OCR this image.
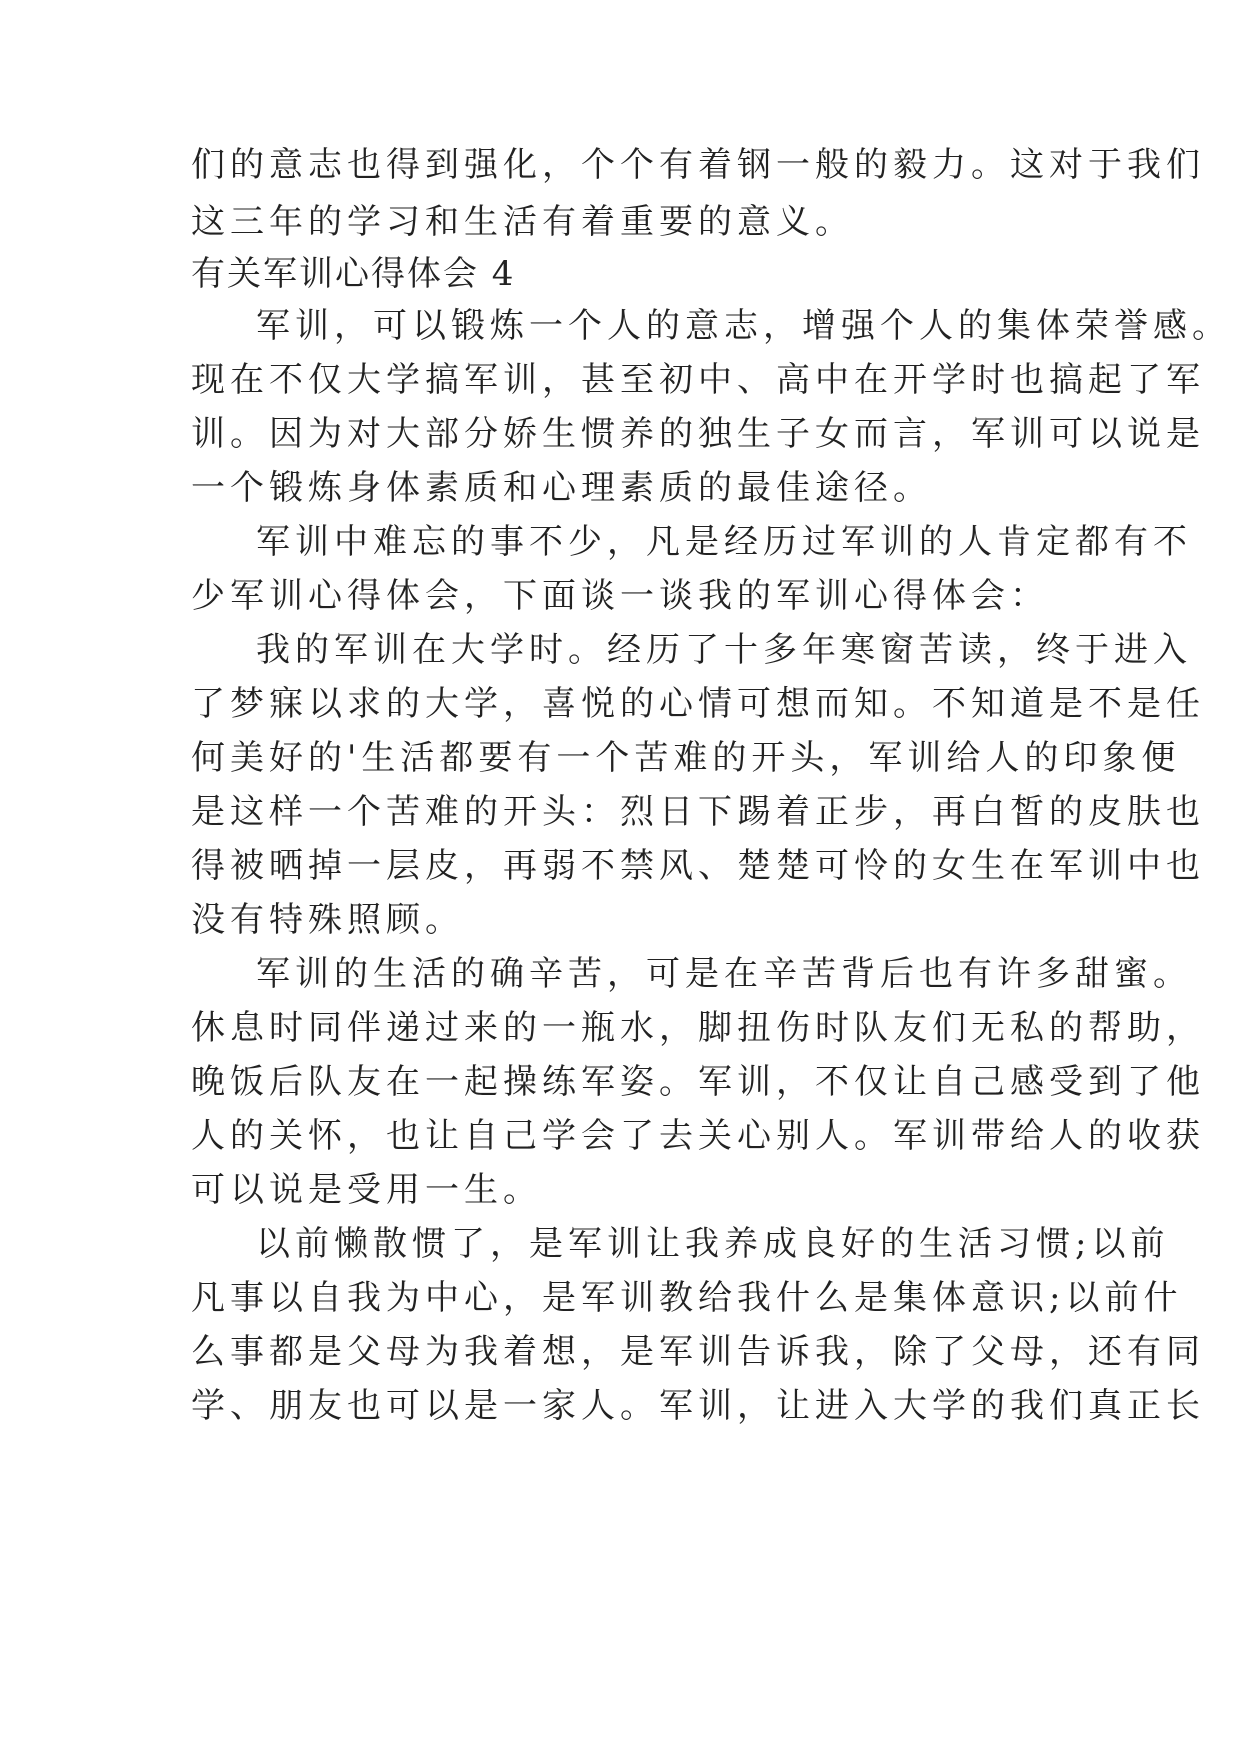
们的意志也得到强化，个个有着钢一般的毅力。这对于我们

这三年的学习和生活有着重要的意义。

有关军训心得体会 4

军训，可以锻炼一个人的意志，增强个人的集体荣誉感。

现在不仅大学搞军训，甚至初中、高中在开学时也搞起了军

训。因为对大部分娇生惯养的独生子女而言，军训可以说是

一个锻炼身体素质和心理素质的最佳途径。

军训中难忘的事不少，凡是经历过军训的人肯定都有不

少军训心得体会，下面谈一谈我的军训心得体会：

我的军训在大学时。经历了十多年寒窗苦读，终于进入

了梦寐以求的大学，喜悦的心情可想而知。不知道是不是任

何美好的'生活都要有一个苦难的开头，军训给人的印象便

是这样一个苦难的开头：烈日下踢着正步，再白皙的皮肤也

得被晒掉一层皮，再弱不禁风、楚楚可怜的女生在军训中也

没有特殊照顾。

军训的生活的确辛苦，可是在辛苦背后也有许多甜蜜。

休息时同伴递过来的一瓶水，脚扭伤时队友们无私的帮助，

晚饭后队友在一起操练军姿。军训，不仅让自己感受到了他

人的关怀，也让自己学会了去关心别人。军训带给人的收获

可以说是受用一生。

以前懒散惯了，是军训让我养成良好的生活习惯;以前

凡事以自我为中心，是军训教给我什么是集体意识;以前什

么事都是父母为我着想，是军训告诉我，除了父母，还有同

学、朋友也可以是一家人。军训，让进入大学的我们真正长
